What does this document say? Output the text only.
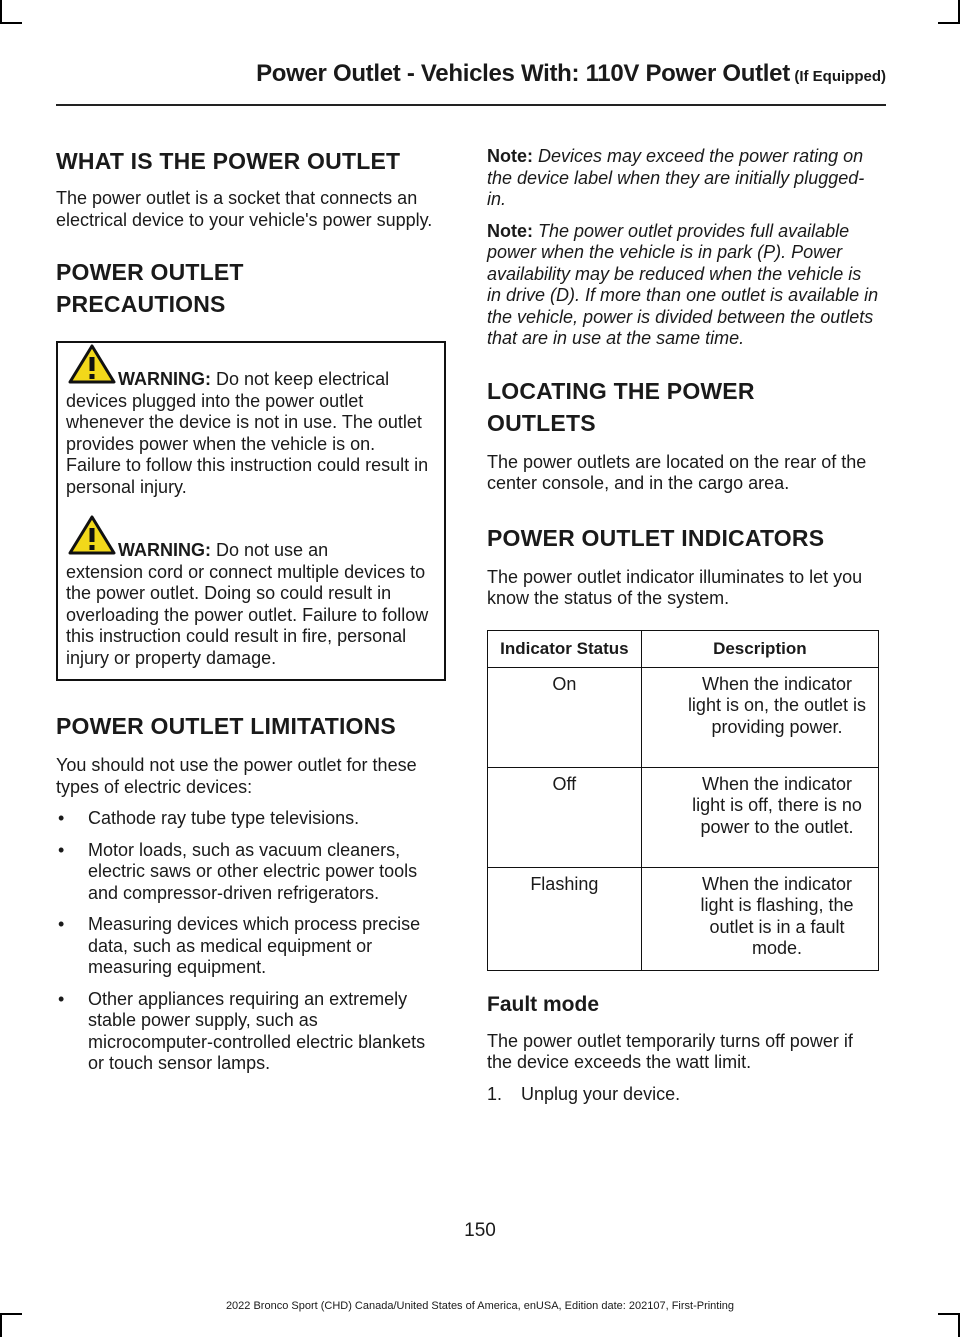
Power Outlet - Vehicles With: 110V Power Outlet (If Equipped)
WHAT IS THE POWER OUTLET

The power outlet is a socket that connects an electrical device to your vehicle's power supply.

POWER OUTLET
PRECAUTIONS

WARNING: Do not keep electrical

devices plugged into the power outlet whenever the device is not in use. The outlet provides power when the vehicle is on. Failure to follow this instruction could result in personal injury.

WARNING: Do not use an

extension cord or connect multiple devices to the power outlet. Doing so could result in overloading the power outlet. Failure to follow this instruction could result in fire, personal injury or property damage.

POWER OUTLET LIMITATIONS

You should not use the power outlet for these types of electric devices:

• Cathode ray tube type televisions.
• Motor loads, such as vacuum cleaners, electric saws or other electric power tools and compressor-driven refrigerators.
• Measuring devices which process precise data, such as medical equipment or measuring equipment.
• Other appliances requiring an extremely stable power supply, such as microcomputer-controlled electric blankets or touch sensor lamps.

Note: Devices may exceed the power rating on the device label when they are initially plugged-in.

Note: The power outlet provides full available power when the vehicle is in park (P). Power availability may be reduced when the vehicle is in drive (D). If more than one outlet is available in the vehicle, power is divided between the outlets that are in use at the same time.

LOCATING THE POWER
OUTLETS

The power outlets are located on the rear of the center console, and in the cargo area.

POWER OUTLET INDICATORS

The power outlet indicator illuminates to let you know the status of the system.

Indicator Status	Description
On	When the indicator light is on, the outlet is providing power.
Off	When the indicator light is off, there is no power to the outlet.
Flashing	When the indicator light is flashing, the outlet is in a fault mode.
Fault mode

The power outlet temporarily turns off power if the device exceeds the watt limit.

1. Unplug your device.
150
2022 Bronco Sport (CHD) Canada/United States of America, enUSA, Edition date: 202107, First-Printing
